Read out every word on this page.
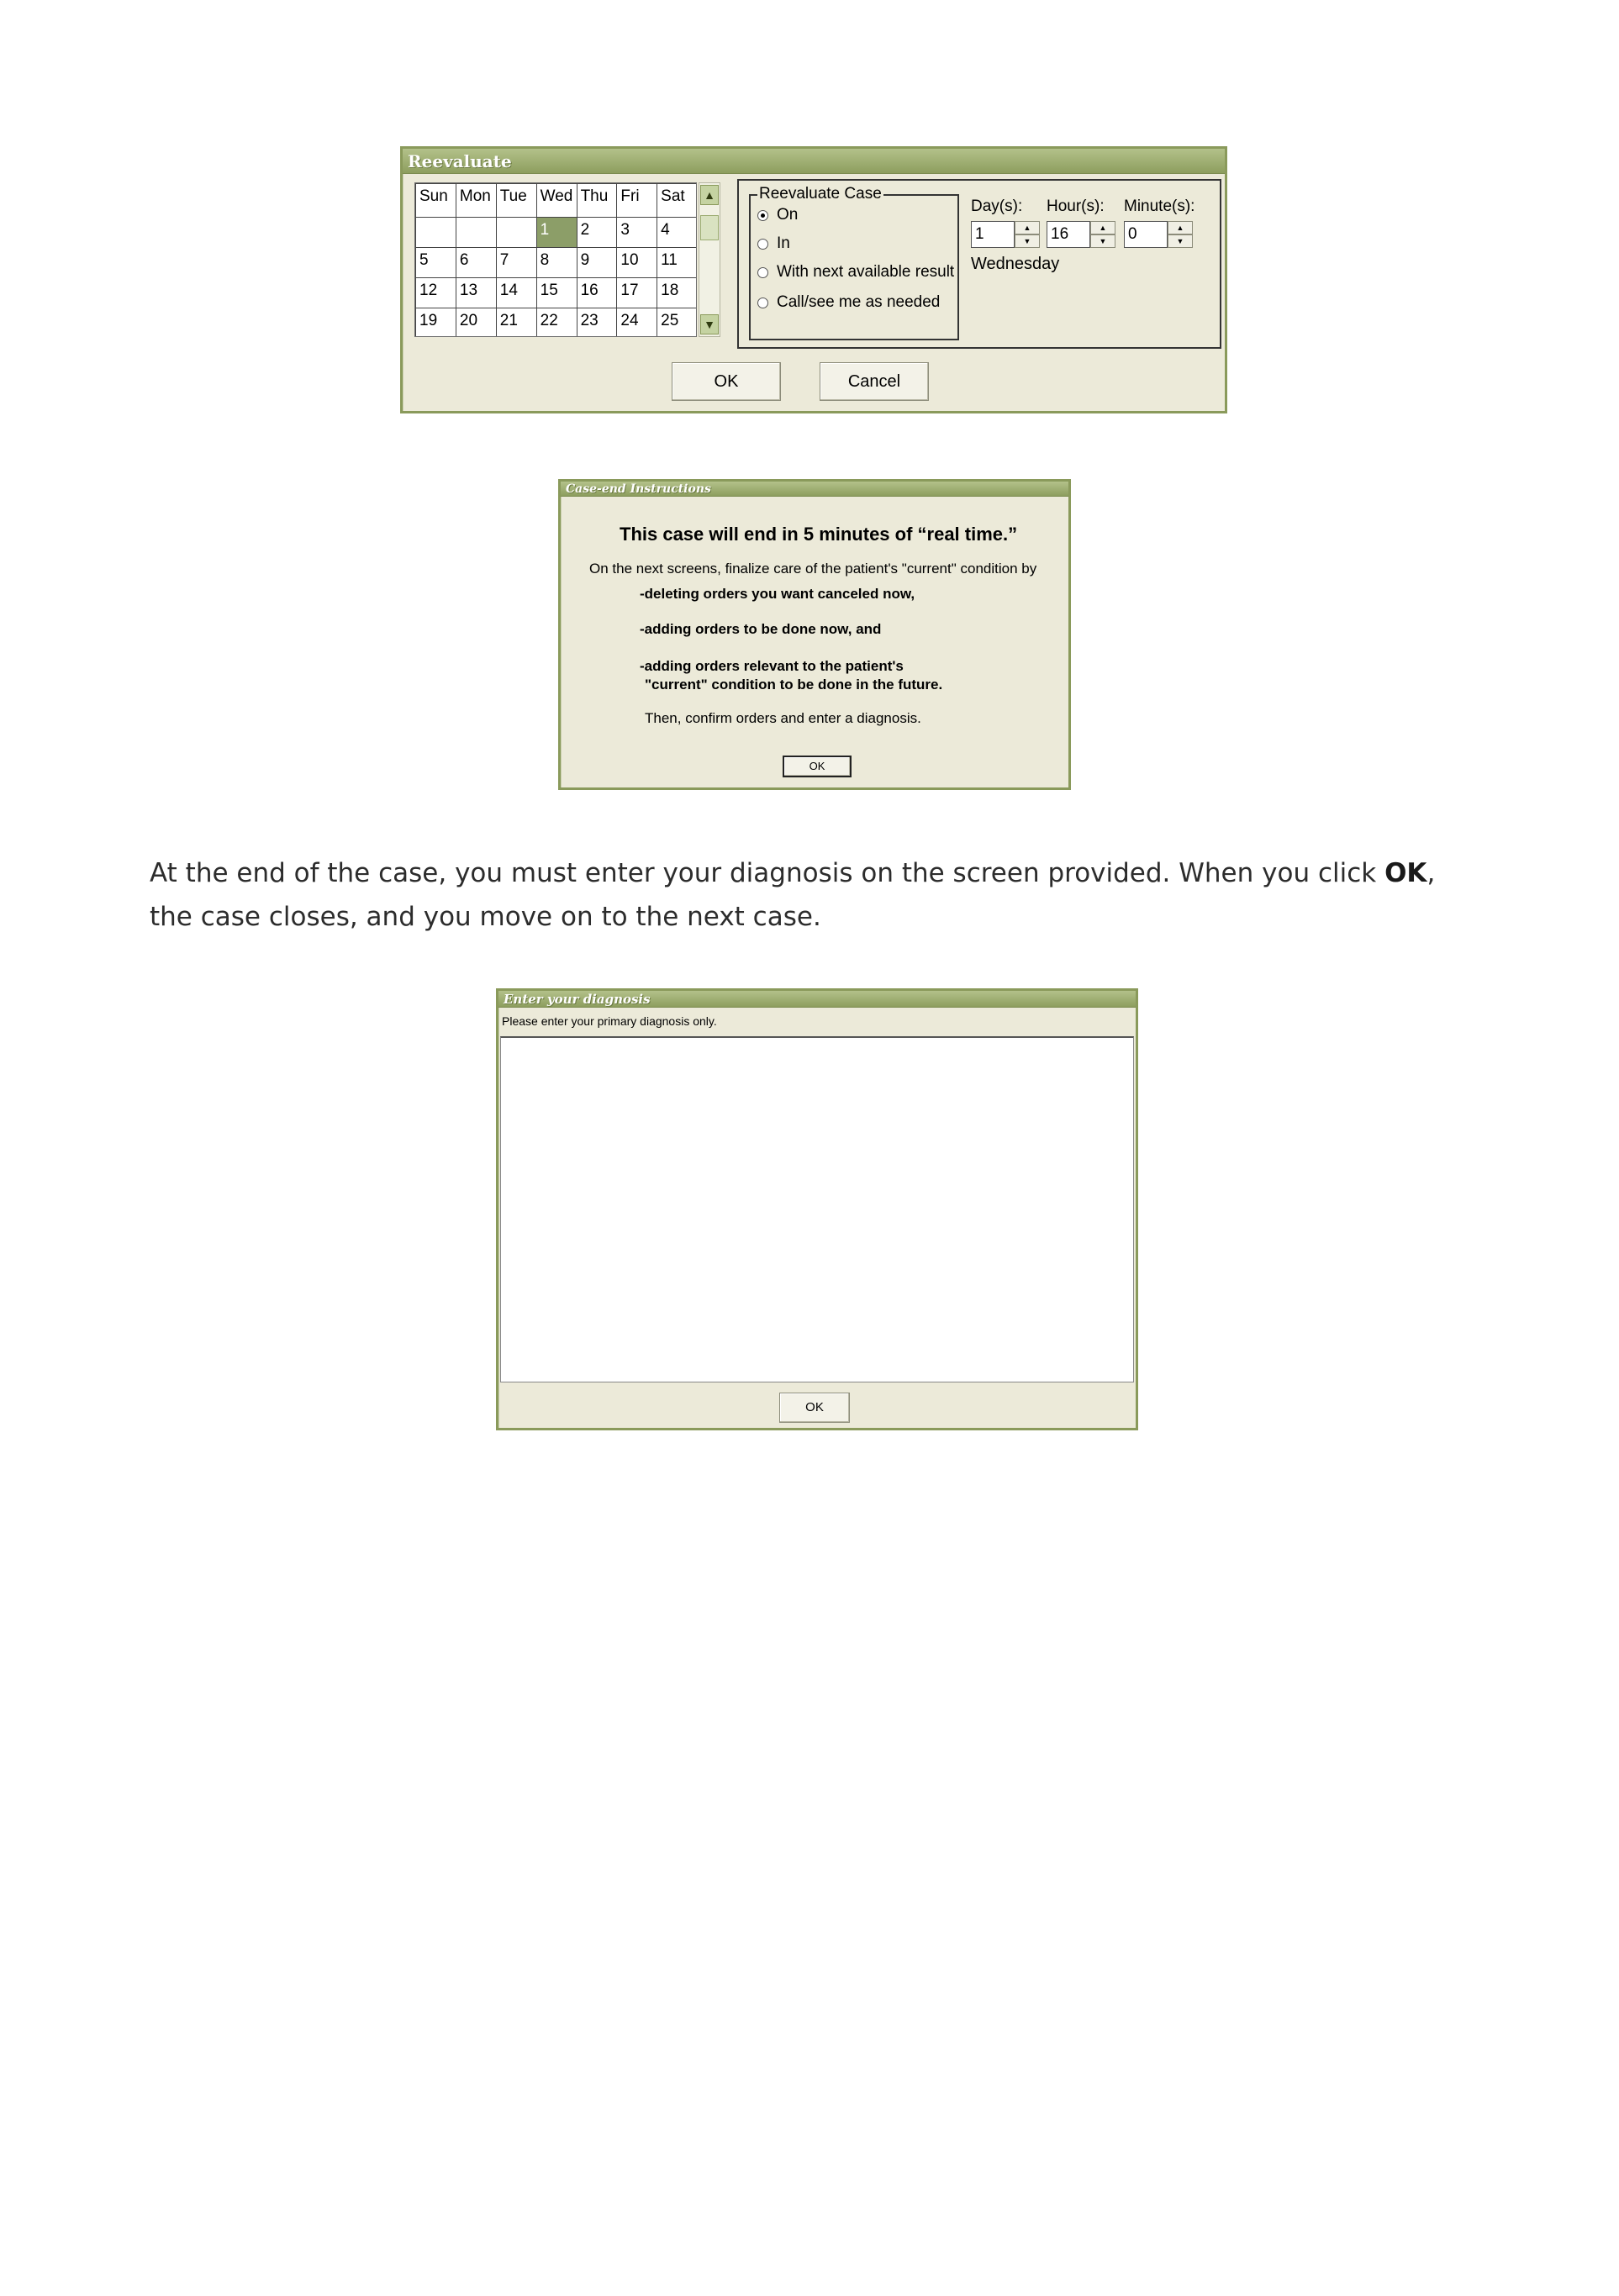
Reevaluate
Sun	Mon	Tue	Wed	Thu	Fri	Sat
			1	2	3	4
5	6	7	8	9	10	11
12	13	14	15	16	17	18
19	20	21	22	23	24	25
▲
▼
Reevaluate Case
On
In
With next available result
Call/see me as needed
Day(s):
1	▲
▼
Hour(s):
16	▲
▼
Minute(s):
0	▲
▼
Wednesday
OK	Cancel
Case-end Instructions
This case will end in 5 minutes of “real time.”
On the next screens, finalize care of the patient's "current" condition by
-deleting orders you want canceled now,
-adding orders to be done now, and
-adding orders relevant to the patient's
"current" condition to be done in the future.
Then, confirm orders and enter a diagnosis.
OK

At the end of the case, you must enter your diagnosis on the screen provided. When you click OK, the case closes, and you move on to the next case.

Enter your diagnosis
Please enter your primary diagnosis only.
OK
